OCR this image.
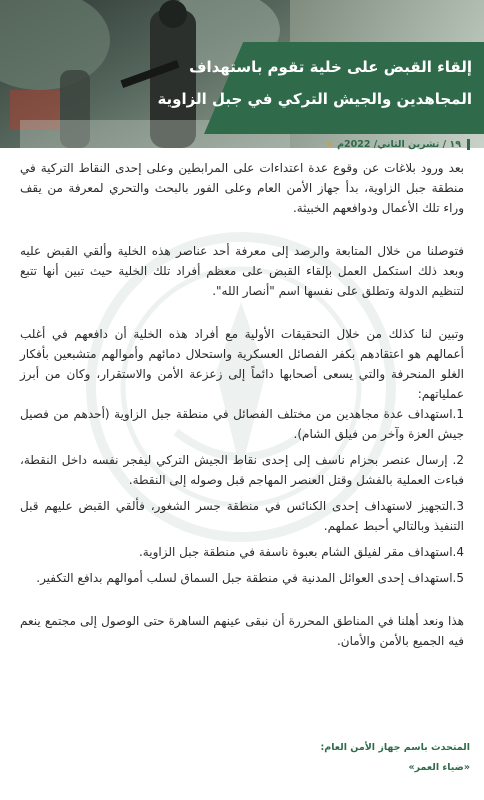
إلقاء القبض على خلية تقوم باستهداف
المجاهدين والجيش التركي في جبل الزاوية
١٩ / تشرين الثاني/ 2022م

بعد ورود بلاغات عن وقوع عدة اعتداءات على المرابطين وعلى إحدى النقاط التركية في منطقة جبل الزاوية، بدأ جهاز الأمن العام وعلى الفور بالبحث والتحري لمعرفة من يقف وراء تلك الأعمال ودوافعهم الخبيثة.

فتوصلنا من خلال المتابعة والرصد إلى معرفة أحد عناصر هذه الخلية وألقي القبض عليه وبعد ذلك استكمل العمل بإلقاء القبض على معظم أفراد تلك الخلية حيث تبين أنها تتبع لتنظيم الدولة وتطلق على نفسها اسم "أنصار الله".

وتبين لنا كذلك من خلال التحقيقات الأولية مع أفراد هذه الخلية أن دافعهم في أغلب أعمالهم هو اعتقادهم بكفر الفصائل العسكرية واستحلال دمائهم وأموالهم متشبعين بأفكار الغلو المنحرفة والتي يسعى أصحابها دائماً إلى زعزعة الأمن والاستقرار، وكان من أبرز عملياتهم:

1.استهداف عدة مجاهدين من مختلف الفصائل في منطقة جبل الزاوية (أحدهم من فصيل جيش العزة وآخر من فيلق الشام).

2. إرسال عنصر بحزام ناسف إلى إحدى نقاط الجيش التركي ليفجر نفسه داخل النقطة، فباءت العملية بالفشل وقتل العنصر المهاجم قبل وصوله إلى النقطة.

3.التجهيز لاستهداف إحدى الكنائس في منطقة جسر الشغور، فألقي القبض عليهم قبل التنفيذ وبالتالي أحبط عملهم.

4.استهداف مقر لفيلق الشام بعبوة ناسفة في منطقة جبل الزاوية.

5.استهداف إحدى العوائل المدنية في منطقة جبل السماق لسلب أموالهم بدافع التكفير.

هذا ونعد أهلنا في المناطق المحررة أن نبقى عينهم الساهرة حتى الوصول إلى مجتمع ينعم فيه الجميع بالأمن والأمان.

المتحدث باسم جهاز الأمن العام:
«ضياء العمر»
